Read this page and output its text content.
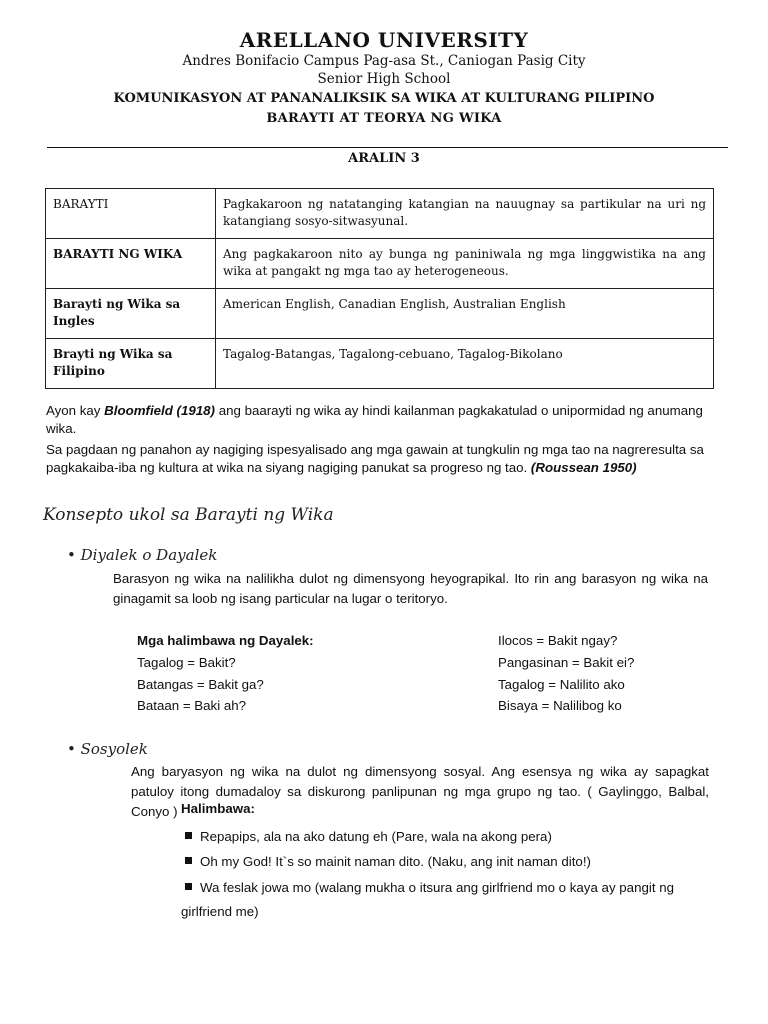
ARELLANO UNIVERSITY
Andres Bonifacio Campus Pag-asa St., Caniogan Pasig City
Senior High School
KOMUNIKASYON AT PANANALIKSIK SA WIKA AT KULTURANG PILIPINO
BARAYTI AT TEORYA NG WIKA
ARALIN 3
BARAYTI	Pagkakaroon ng natatanging katangian na nauugnay sa partikular na uri ng katangiang sosyo-sitwasyunal.
BARAYTI NG WIKA	Ang pagkakaroon nito ay bunga ng paniniwala ng mga linggwistika na ang wika at pangakt ng mga tao ay heterogeneous.
Barayti ng Wika sa Ingles	American English, Canadian English, Australian English
Brayti ng Wika sa Filipino	Tagalog-Batangas, Tagalong-cebuano, Tagalog-Bikolano

Ayon kay Bloomfield (1918) ang baarayti ng wika ay hindi kailanman pagkakatulad o unipormidad ng anumang wika.

Sa pagdaan ng panahon ay nagiging ispesyalisado ang mga gawain at tungkulin ng mga tao na nagreresulta sa pagkakaiba-iba ng kultura at wika na siyang nagiging panukat sa progreso ng tao. (Roussean 1950)

Konsepto ukol sa Barayti ng Wika
• Diyalek o Dayalek

Barasyon ng wika na nalilikha dulot ng dimensyong heyograpikal. Ito rin ang barasyon ng wika na ginagamit sa loob ng isang particular na lugar o teritoryo.

Mga halimbawa ng Dayalek:
Tagalog = Bakit?
Batangas = Bakit ga?
Bataan = Baki ah?
Ilocos = Bakit ngay?
Pangasinan = Bakit ei?
Tagalog = Nalilito ako
Bisaya = Nalilibog ko
• Sosyolek

Ang baryasyon ng wika na dulot ng dimensyong sosyal. Ang esensya ng wika ay sapagkat patuloy itong dumadaloy sa diskurong panlipunan ng mga grupo ng tao. ( Gaylinggo, Balbal, Conyo ) Halimbawa:
Repapips, ala na ako datung eh (Pare, wala na akong pera)
Oh my God! It`s so mainit naman dito. (Naku, ang init naman dito!)
Wa feslak jowa mo (walang mukha o itsura ang girlfriend mo o kaya ay pangit ng
girlfriend me)
